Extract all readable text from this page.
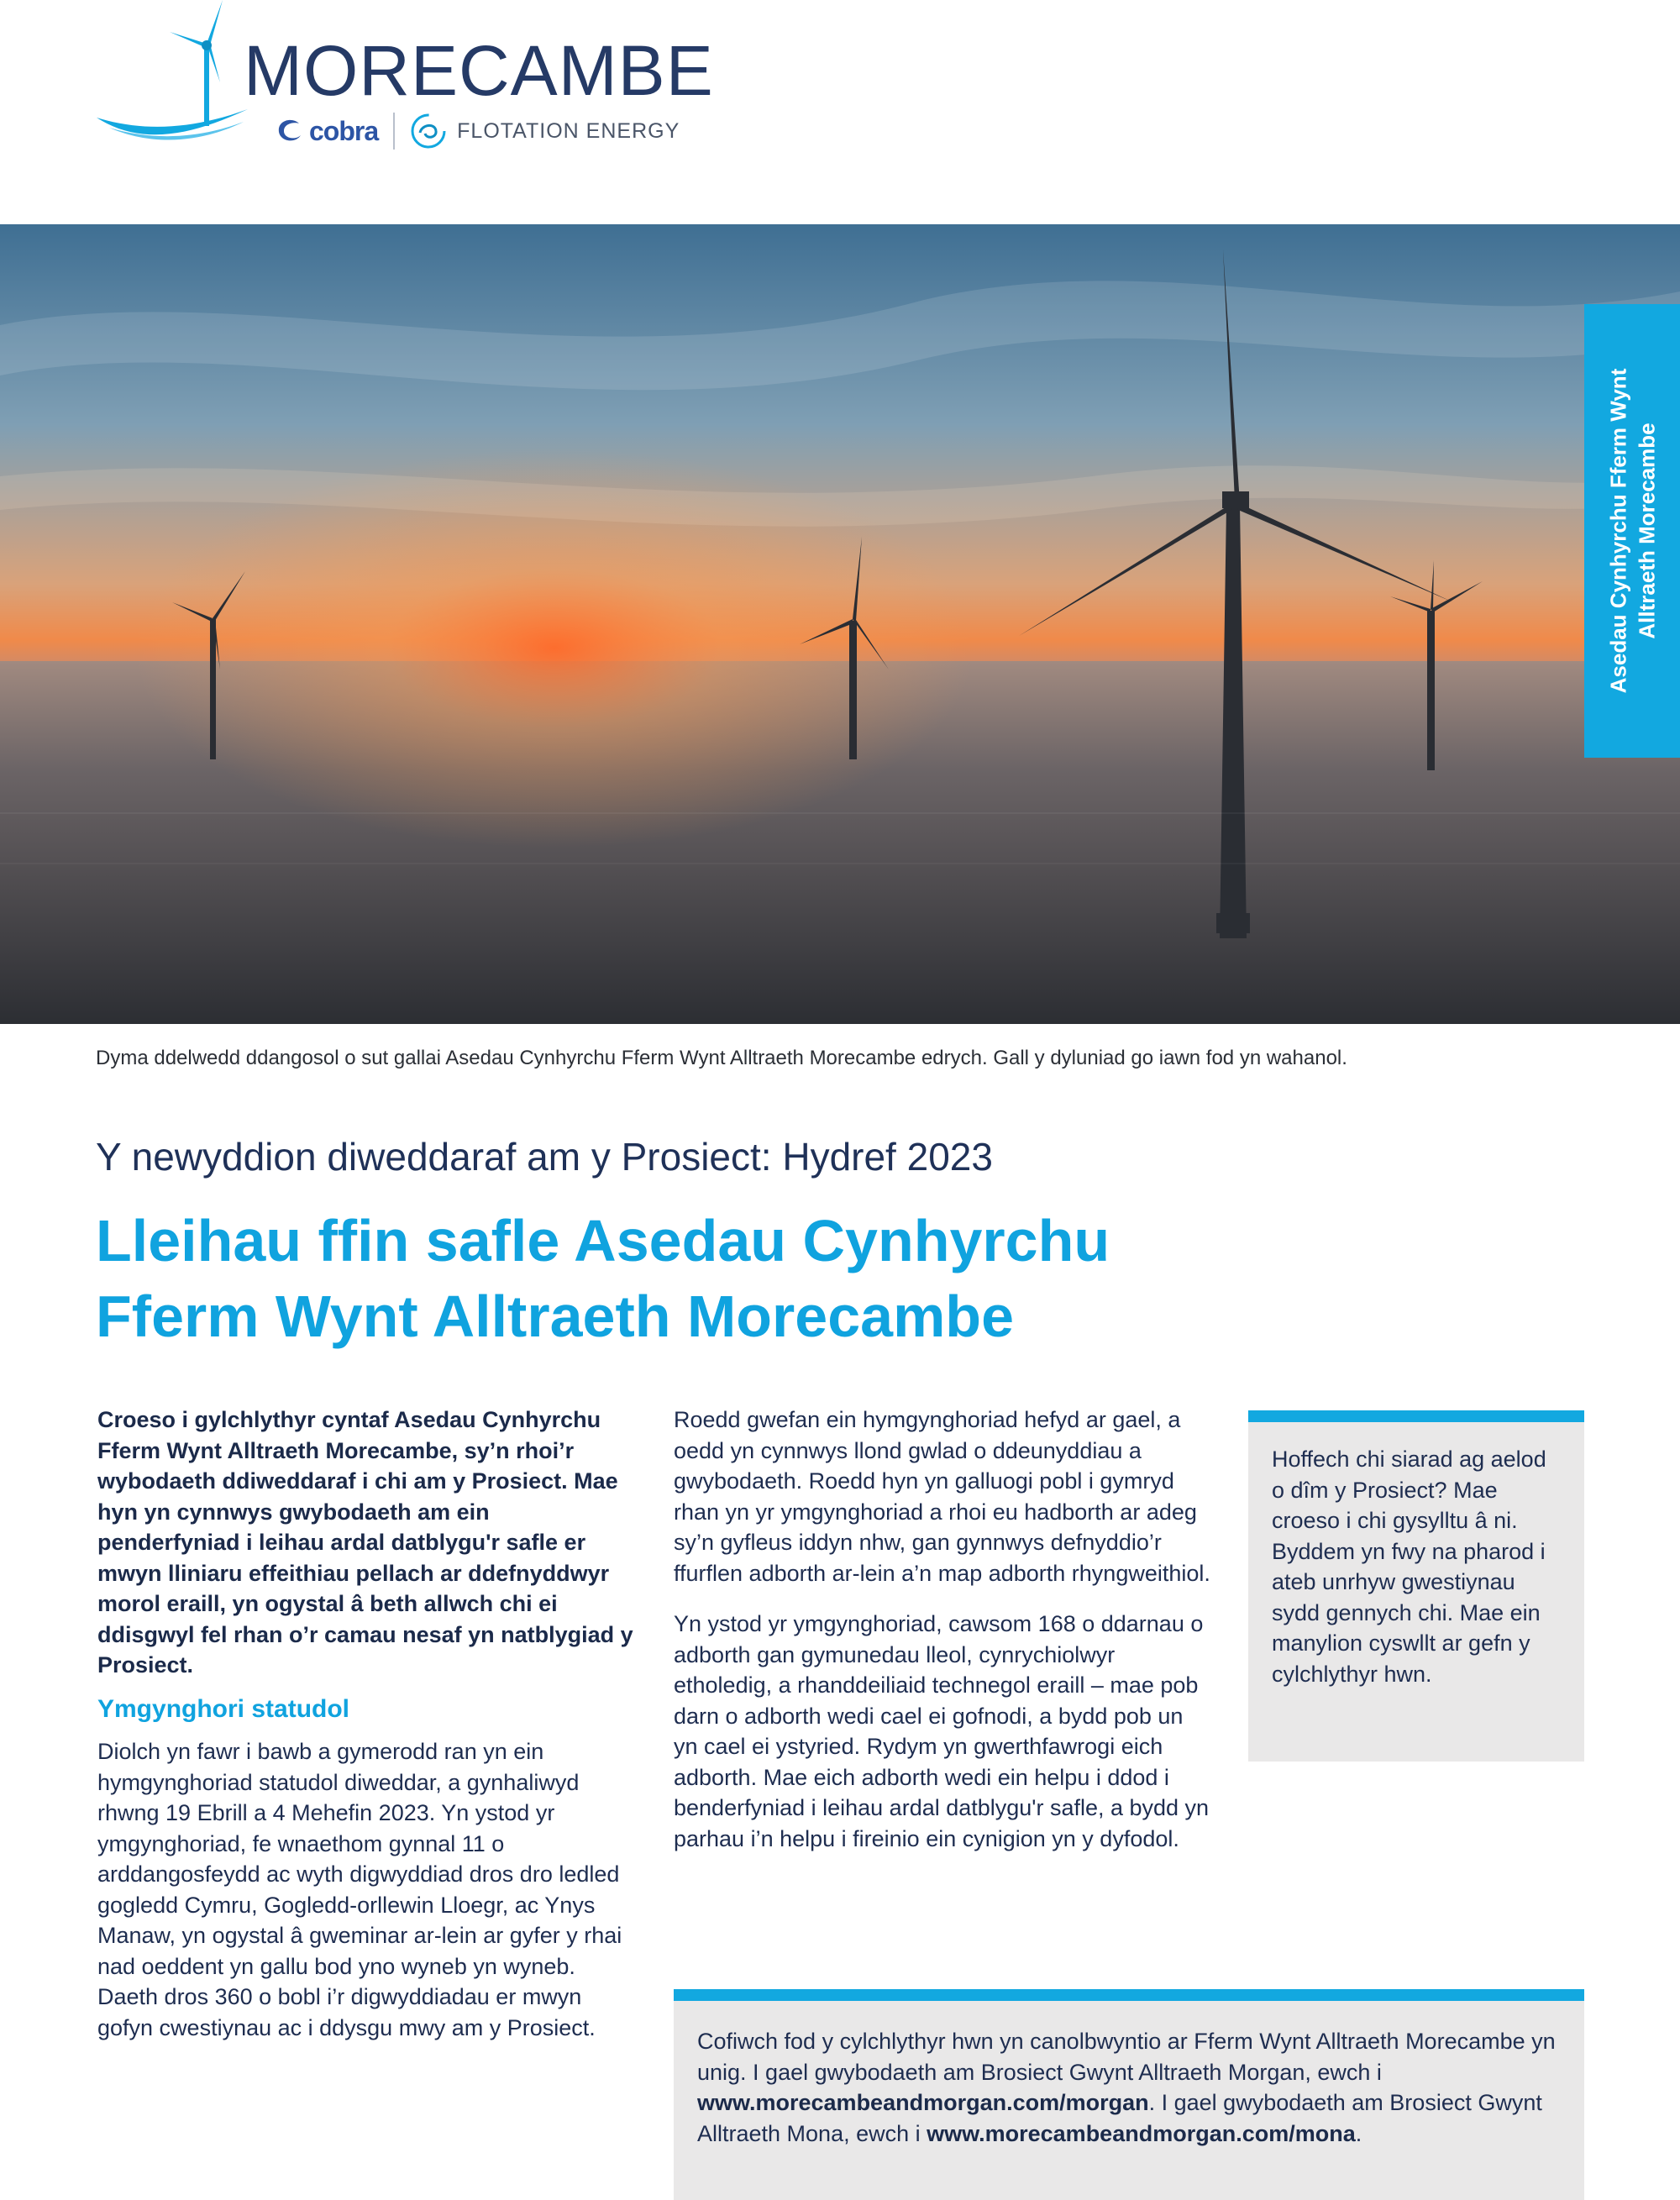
MORECAMBE
cobra	FLOTATION ENERGY
Asedau Cynhyrchu Fferm Wynt Alltraeth Morecambe
Dyma ddelwedd ddangosol o sut gallai Asedau Cynhyrchu Fferm Wynt Alltraeth Morecambe edrych. Gall y dyluniad go iawn fod yn wahanol.
Y newyddion diweddaraf am y Prosiect: Hydref 2023
Lleihau ffin safle Asedau Cynhyrchu
Fferm Wynt Alltraeth Morecambe

Croeso i gylchlythyr cyntaf Asedau Cynhyrchu Fferm Wynt Alltraeth Morecambe, sy’n rhoi’r wybodaeth ddiweddaraf i chi am y Prosiect. Mae hyn yn cynnwys gwybodaeth am ein penderfyniad i leihau ardal datblygu'r safle er mwyn lliniaru effeithiau pellach ar ddefnyddwyr morol eraill, yn ogystal â beth allwch chi ei ddisgwyl fel rhan o’r camau nesaf yn natblygiad y Prosiect.

Ymgynghori statudol

Diolch yn fawr i bawb a gymerodd ran yn ein hymgynghoriad statudol diweddar, a gynhaliwyd rhwng 19 Ebrill a 4 Mehefin 2023. Yn ystod yr ymgynghoriad, fe wnaethom gynnal 11 o arddangosfeydd ac wyth digwyddiad dros dro ledled gogledd Cymru, Gogledd-orllewin Lloegr, ac Ynys Manaw, yn ogystal â gweminar ar-lein ar gyfer y rhai nad oeddent yn gallu bod yno wyneb yn wyneb. Daeth dros 360 o bobl i’r digwyddiadau er mwyn gofyn cwestiynau ac i ddysgu mwy am y Prosiect.

Roedd gwefan ein hymgynghoriad hefyd ar gael, a oedd yn cynnwys llond gwlad o ddeunyddiau a gwybodaeth. Roedd hyn yn galluogi pobl i gymryd rhan yn yr ymgynghoriad a rhoi eu hadborth ar adeg sy’n gyfleus iddyn nhw, gan gynnwys defnyddio’r ffurflen adborth ar-lein a’n map adborth rhyngweithiol.

Yn ystod yr ymgynghoriad, cawsom 168 o ddarnau o adborth gan gymunedau lleol, cynrychiolwyr etholedig, a rhanddeiliaid technegol eraill – mae pob darn o adborth wedi cael ei gofnodi, a bydd pob un yn cael ei ystyried. Rydym yn gwerthfawrogi eich adborth. Mae eich adborth wedi ein helpu i ddod i benderfyniad i leihau ardal datblygu'r safle, a bydd yn parhau i’n helpu i fireinio ein cynigion yn y dyfodol.

Hoffech chi siarad ag aelod o dîm y Prosiect? Mae croeso i chi gysylltu â ni. Byddem yn fwy na pharod i ateb unrhyw gwestiynau sydd gennych chi. Mae ein manylion cyswllt ar gefn y cylchlythyr hwn.

Cofiwch fod y cylchlythyr hwn yn canolbwyntio ar Fferm Wynt Alltraeth Morecambe yn unig. I gael gwybodaeth am Brosiect Gwynt Alltraeth Morgan, ewch i www.morecambeandmorgan.com/morgan. I gael gwybodaeth am Brosiect Gwynt Alltraeth Mona, ewch i www.morecambeandmorgan.com/mona.
